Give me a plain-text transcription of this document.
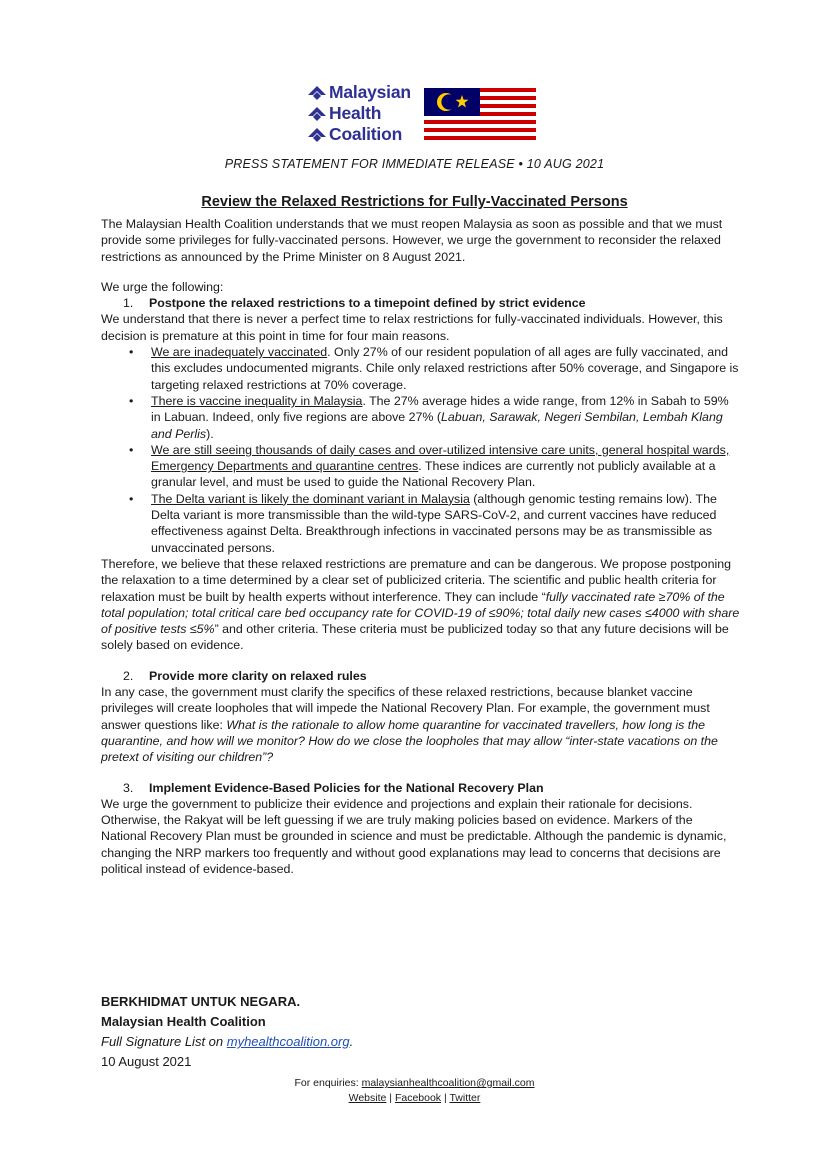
Malaysian
Health
Coalition
PRESS STATEMENT FOR IMMEDIATE RELEASE • 10 AUG 2021
Review the Relaxed Restrictions for Fully-Vaccinated Persons

The Malaysian Health Coalition understands that we must reopen Malaysia as soon as possible and that we must provide some privileges for fully-vaccinated persons. However, we urge the government to reconsider the relaxed restrictions as announced by the Prime Minister on 8 August 2021.

We urge the following:

1. Postpone the relaxed restrictions to a timepoint defined by strict evidence

We understand that there is never a perfect time to relax restrictions for fully-vaccinated individuals. However, this decision is premature at this point in time for four main reasons.

• We are inadequately vaccinated. Only 27% of our resident population of all ages are fully vaccinated, and this excludes undocumented migrants. Chile only relaxed restrictions after 50% coverage, and Singapore is targeting relaxed restrictions at 70% coverage.
• There is vaccine inequality in Malaysia. The 27% average hides a wide range, from 12% in Sabah to 59% in Labuan. Indeed, only five regions are above 27% (Labuan, Sarawak, Negeri Sembilan, Lembah Klang and Perlis).
• We are still seeing thousands of daily cases and over-utilized intensive care units, general hospital wards, Emergency Departments and quarantine centres. These indices are currently not publicly available at a granular level, and must be used to guide the National Recovery Plan.
• The Delta variant is likely the dominant variant in Malaysia (although genomic testing remains low). The Delta variant is more transmissible than the wild-type SARS-CoV-2, and current vaccines have reduced effectiveness against Delta. Breakthrough infections in vaccinated persons may be as transmissible as unvaccinated persons.

Therefore, we believe that these relaxed restrictions are premature and can be dangerous. We propose postponing the relaxation to a time determined by a clear set of publicized criteria. The scientific and public health criteria for relaxation must be built by health experts without interference. They can include “fully vaccinated rate ≥70% of the total population; total critical care bed occupancy rate for COVID-19 of ≤90%; total daily new cases ≤4000 with share of positive tests ≤5%” and other criteria. These criteria must be publicized today so that any future decisions will be solely based on evidence.

2. Provide more clarity on relaxed rules

In any case, the government must clarify the specifics of these relaxed restrictions, because blanket vaccine privileges will create loopholes that will impede the National Recovery Plan. For example, the government must answer questions like: What is the rationale to allow home quarantine for vaccinated travellers, how long is the quarantine, and how will we monitor? How do we close the loopholes that may allow “inter-state vacations on the pretext of visiting our children”?

3. Implement Evidence-Based Policies for the National Recovery Plan

We urge the government to publicize their evidence and projections and explain their rationale for decisions. Otherwise, the Rakyat will be left guessing if we are truly making policies based on evidence. Markers of the National Recovery Plan must be grounded in science and must be predictable. Although the pandemic is dynamic, changing the NRP markers too frequently and without good explanations may lead to concerns that decisions are political instead of evidence-based.

BERKHIDMAT UNTUK NEGARA.
Malaysian Health Coalition
Full Signature List on myhealthcoalition.org.
10 August 2021
For enquiries: malaysianhealthcoalition@gmail.com
Website | Facebook | Twitter
